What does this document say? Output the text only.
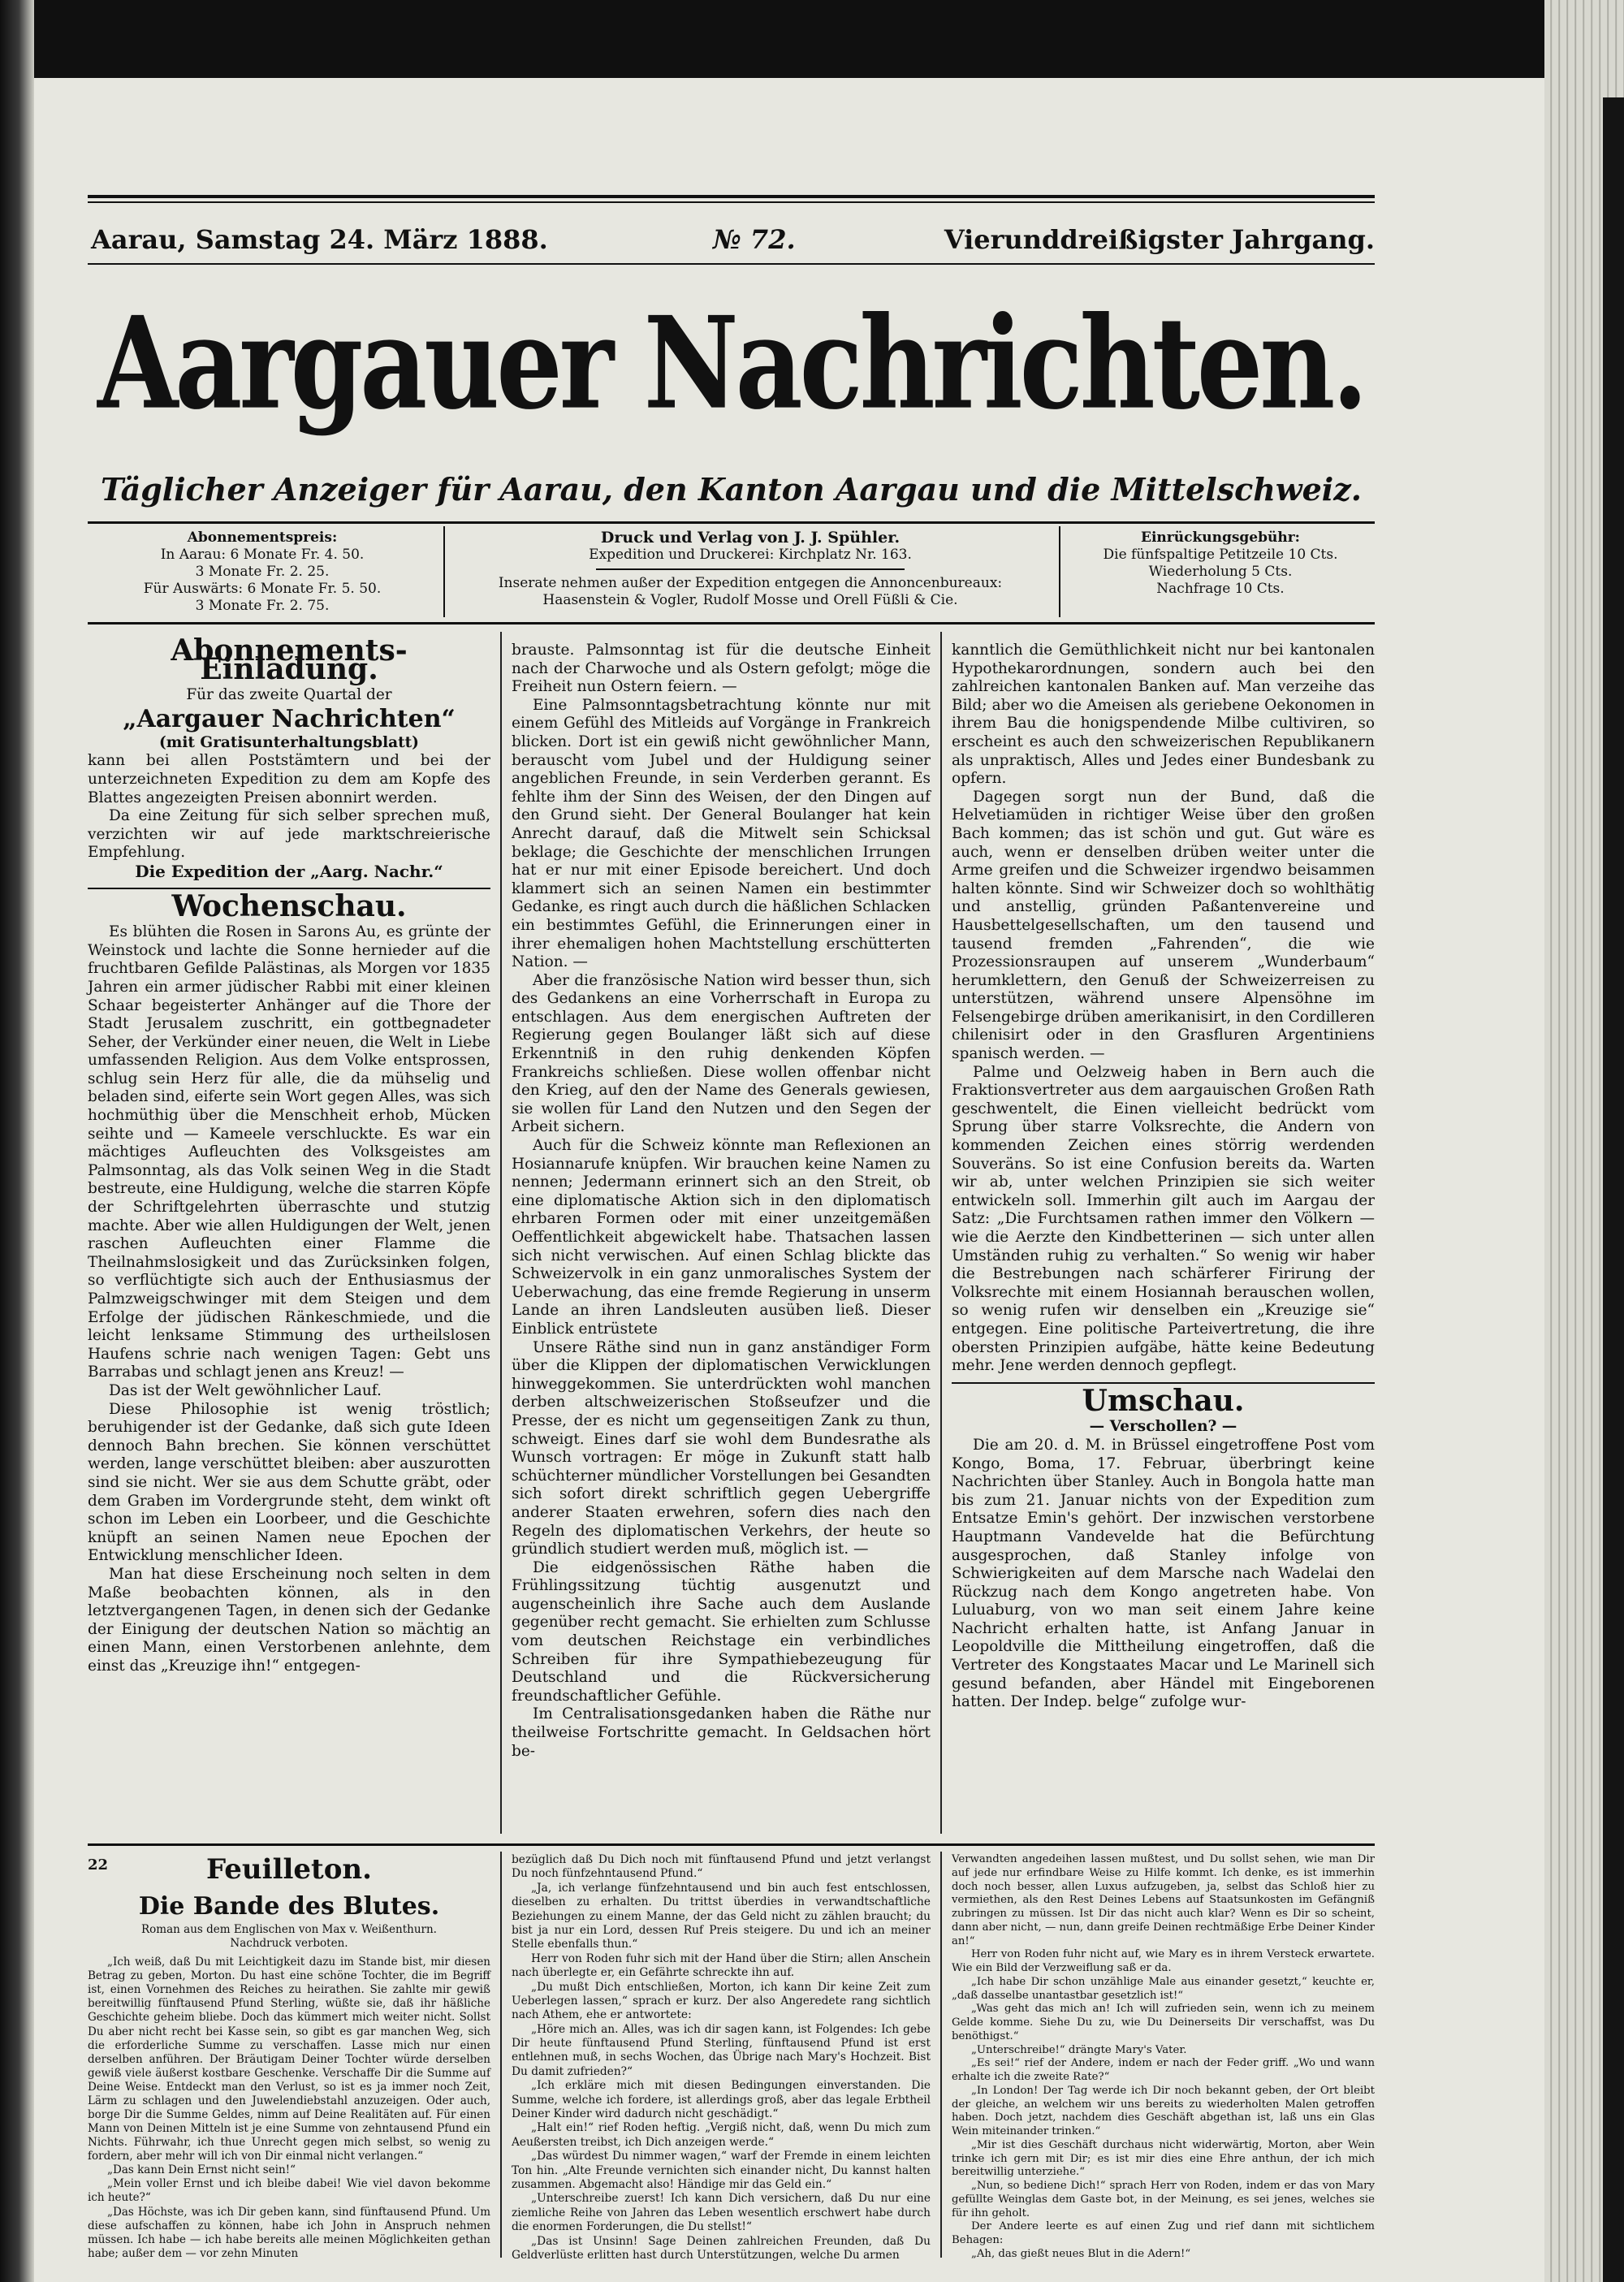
Aarau, Samstag 24. März 1888.	№ 72.	Vierunddreißigster Jahrgang.
Aargauer Nachrichten.
Täglicher Anzeiger für Aarau, den Kanton Aargau und die Mittelschweiz.
Abonnementspreis:
In Aarau: 6 Monate Fr. 4. 50.
3 Monate Fr. 2. 25.
Für Auswärts: 6 Monate Fr. 5. 50.
3 Monate Fr. 2. 75.
Druck und Verlag von J. J. Spühler.
Expedition und Druckerei: Kirchplatz Nr. 163.
Inserate nehmen außer der Expedition entgegen die Annoncenbureaux:
Haasenstein & Vogler, Rudolf Mosse und Orell Füßli & Cie.
Einrückungsgebühr:
Die fünfspaltige Petitzeile 10 Cts.
Wiederholung 5 Cts.
Nachfrage 10 Cts.
Abonnements-Einladung.

Für das zweite Quartal der

„Aargauer Nachrichten“
(mit Gratisunterhaltungsblatt)

kann bei allen Poststämtern und bei der unterzeichneten Expedition zu dem am Kopfe des Blattes angezeigten Preisen abonnirt werden.

Da eine Zeitung für sich selber sprechen muß, verzichten wir auf jede marktschreierische Empfehlung.

Die Expedition der „Aarg. Nachr.“
Wochenschau.

Es blühten die Rosen in Sarons Au, es grünte der Weinstock und lachte die Sonne hernieder auf die fruchtbaren Gefilde Palästinas, als Morgen vor 1835 Jahren ein armer jüdischer Rabbi mit einer kleinen Schaar begeisterter Anhänger auf die Thore der Stadt Jerusalem zuschritt, ein gottbegnadeter Seher, der Verkünder einer neuen, die Welt in Liebe umfassenden Religion. Aus dem Volke entsprossen, schlug sein Herz für alle, die da mühselig und beladen sind, eiferte sein Wort gegen Alles, was sich hochmüthig über die Menschheit erhob, Mücken seihte und — Kameele verschluckte. Es war ein mächtiges Aufleuchten des Volksgeistes am Palmsonntag, als das Volk seinen Weg in die Stadt bestreute, eine Huldigung, welche die starren Köpfe der Schriftgelehrten überraschte und stutzig machte. Aber wie allen Huldigungen der Welt, jenen raschen Aufleuchten einer Flamme die Theilnahmslosigkeit und das Zurücksinken folgen, so verflüchtigte sich auch der Enthusiasmus der Palmzweigschwinger mit dem Steigen und dem Erfolge der jüdischen Ränkeschmiede, und die leicht lenksame Stimmung des urtheilslosen Haufens schrie nach wenigen Tagen: Gebt uns Barrabas und schlagt jenen ans Kreuz! —

Das ist der Welt gewöhnlicher Lauf.

Diese Philosophie ist wenig tröstlich; beruhigender ist der Gedanke, daß sich gute Ideen dennoch Bahn brechen. Sie können verschüttet werden, lange verschüttet bleiben: aber auszurotten sind sie nicht. Wer sie aus dem Schutte gräbt, oder dem Graben im Vordergrunde steht, dem winkt oft schon im Leben ein Loorbeer, und die Geschichte knüpft an seinen Namen neue Epochen der Entwicklung menschlicher Ideen.

Man hat diese Erscheinung noch selten in dem Maße beobachten können, als in den letztvergangenen Tagen, in denen sich der Gedanke der Einigung der deutschen Nation so mächtig an einen Mann, einen Verstorbenen anlehnte, dem einst das „Kreuzige ihn!“ entgegen-

brauste. Palmsonntag ist für die deutsche Einheit nach der Charwoche und als Ostern gefolgt; möge die Freiheit nun Ostern feiern. —

Eine Palmsonntagsbetrachtung könnte nur mit einem Gefühl des Mitleids auf Vorgänge in Frankreich blicken. Dort ist ein gewiß nicht gewöhnlicher Mann, berauscht vom Jubel und der Huldigung seiner angeblichen Freunde, in sein Verderben gerannt. Es fehlte ihm der Sinn des Weisen, der den Dingen auf den Grund sieht. Der General Boulanger hat kein Anrecht darauf, daß die Mitwelt sein Schicksal beklage; die Geschichte der menschlichen Irrungen hat er nur mit einer Episode bereichert. Und doch klammert sich an seinen Namen ein bestimmter Gedanke, es ringt auch durch die häßlichen Schlacken ein bestimmtes Gefühl, die Erinnerungen einer in ihrer ehemaligen hohen Machtstellung erschütterten Nation. —

Aber die französische Nation wird besser thun, sich des Gedankens an eine Vorherrschaft in Europa zu entschlagen. Aus dem energischen Auftreten der Regierung gegen Boulanger läßt sich auf diese Erkenntniß in den ruhig denkenden Köpfen Frankreichs schließen. Diese wollen offenbar nicht den Krieg, auf den der Name des Generals gewiesen, sie wollen für Land den Nutzen und den Segen der Arbeit sichern.

Auch für die Schweiz könnte man Reflexionen an Hosiannarufe knüpfen. Wir brauchen keine Namen zu nennen; Jedermann erinnert sich an den Streit, ob eine diplomatische Aktion sich in den diplomatisch ehrbaren Formen oder mit einer unzeitgemäßen Oeffentlichkeit abgewickelt habe. Thatsachen lassen sich nicht verwischen. Auf einen Schlag blickte das Schweizervolk in ein ganz unmoralisches System der Ueberwachung, das eine fremde Regierung in unserm Lande an ihren Landsleuten ausüben ließ. Dieser Einblick entrüstete

Unsere Räthe sind nun in ganz anständiger Form über die Klippen der diplomatischen Verwicklungen hinweggekommen. Sie unterdrückten wohl manchen derben altschweizerischen Stoßseufzer und die Presse, der es nicht um gegenseitigen Zank zu thun, schweigt. Eines darf sie wohl dem Bundesrathe als Wunsch vortragen: Er möge in Zukunft statt halb schüchterner mündlicher Vorstellungen bei Gesandten sich sofort direkt schriftlich gegen Uebergriffe anderer Staaten erwehren, sofern dies nach den Regeln des diplomatischen Verkehrs, der heute so gründlich studiert werden muß, möglich ist. —

Die eidgenössischen Räthe haben die Frühlingssitzung tüchtig ausgenutzt und augenscheinlich ihre Sache auch dem Auslande gegenüber recht gemacht. Sie erhielten zum Schlusse vom deutschen Reichstage ein verbindliches Schreiben für ihre Sympathiebezeugung für Deutschland und die Rückversicherung freundschaftlicher Gefühle.

Im Centralisationsgedanken haben die Räthe nur theilweise Fortschritte gemacht. In Geldsachen hört be-

kanntlich die Gemüthlichkeit nicht nur bei kantonalen Hypothekarordnungen, sondern auch bei den zahlreichen kantonalen Banken auf. Man verzeihe das Bild; aber wo die Ameisen als geriebene Oekonomen in ihrem Bau die honigspendende Milbe cultiviren, so erscheint es auch den schweizerischen Republikanern als unpraktisch, Alles und Jedes einer Bundesbank zu opfern.

Dagegen sorgt nun der Bund, daß die Helvetiamüden in richtiger Weise über den großen Bach kommen; das ist schön und gut. Gut wäre es auch, wenn er denselben drüben weiter unter die Arme greifen und die Schweizer irgendwo beisammen halten könnte. Sind wir Schweizer doch so wohlthätig und anstellig, gründen Paßantenvereine und Hausbettelgesellschaften, um den tausend und tausend fremden „Fahrenden“, die wie Prozessionsraupen auf unserem „Wunderbaum“ herumklettern, den Genuß der Schweizerreisen zu unterstützen, während unsere Alpensöhne im Felsengebirge drüben amerikanisirt, in den Cordilleren chilenisirt oder in den Grasfluren Argentiniens spanisch werden. —

Palme und Oelzweig haben in Bern auch die Fraktionsvertreter aus dem aargauischen Großen Rath geschwentelt, die Einen vielleicht bedrückt vom Sprung über starre Volksrechte, die Andern von kommenden Zeichen eines störrig werdenden Souveräns. So ist eine Confusion bereits da. Warten wir ab, unter welchen Prinzipien sie sich weiter entwickeln soll. Immerhin gilt auch im Aargau der Satz: „Die Furchtsamen rathen immer den Völkern — wie die Aerzte den Kindbetterinen — sich unter allen Umständen ruhig zu verhalten.“ So wenig wir haber die Bestrebungen nach schärferer Firirung der Volksrechte mit einem Hosiannah berauschen wollen, so wenig rufen wir denselben ein „Kreuzige sie“ entgegen. Eine politische Parteivertretung, die ihre obersten Prinzipien aufgäbe, hätte keine Bedeutung mehr. Jene werden dennoch gepflegt.

Umschau.
— Verschollen? —

Die am 20. d. M. in Brüssel eingetroffene Post vom Kongo, Boma, 17. Februar, überbringt keine Nachrichten über Stanley. Auch in Bongola hatte man bis zum 21. Januar nichts von der Expedition zum Entsatze Emin's gehört. Der inzwischen verstorbene Hauptmann Vandevelde hat die Befürchtung ausgesprochen, daß Stanley infolge von Schwierigkeiten auf dem Marsche nach Wadelai den Rückzug nach dem Kongo angetreten habe. Von Luluaburg, von wo man seit einem Jahre keine Nachricht erhalten hatte, ist Anfang Januar in Leopoldville die Mittheilung eingetroffen, daß die Vertreter des Kongstaates Macar und Le Marinell sich gesund befanden, aber Händel mit Eingeborenen hatten. Der Indep. belge“ zufolge wur-

22	Feuilleton.
Die Bande des Blutes.
Roman aus dem Englischen von Max v. Weißenthurn.
Nachdruck verboten.

„Ich weiß, daß Du mit Leichtigkeit dazu im Stande bist, mir diesen Betrag zu geben, Morton. Du hast eine schöne Tochter, die im Begriff ist, einen Vornehmen des Reiches zu heirathen. Sie zahlte mir gewiß bereitwillig fünftausend Pfund Sterling, wüßte sie, daß ihr häßliche Geschichte geheim bliebe. Doch das kümmert mich weiter nicht. Sollst Du aber nicht recht bei Kasse sein, so gibt es gar manchen Weg, sich die erforderliche Summe zu verschaffen. Lasse mich nur einen derselben anführen. Der Bräutigam Deiner Tochter würde derselben gewiß viele äußerst kostbare Geschenke. Verschaffe Dir die Summe auf Deine Weise. Entdeckt man den Verlust, so ist es ja immer noch Zeit, Lärm zu schlagen und den Juwelendiebstahl anzuzeigen. Oder auch, borge Dir die Summe Geldes, nimm auf Deine Realitäten auf. Für einen Mann von Deinen Mitteln ist je eine Summe von zehntausend Pfund ein Nichts. Führwahr, ich thue Unrecht gegen mich selbst, so wenig zu fordern, aber mehr will ich von Dir einmal nicht verlangen.“

„Das kann Dein Ernst nicht sein!“

„Mein voller Ernst und ich bleibe dabei! Wie viel davon bekomme ich heute?“

„Das Höchste, was ich Dir geben kann, sind fünftausend Pfund. Um diese aufschaffen zu können, habe ich John in Anspruch nehmen müssen. Ich habe — ich habe bereits alle meinen Möglichkeiten gethan habe; außer dem — vor zehn Minuten

bezüglich daß Du Dich noch mit fünftausend Pfund und jetzt verlangst Du noch fünfzehntausend Pfund.“

„Ja, ich verlange fünfzehntausend und bin auch fest entschlossen, dieselben zu erhalten. Du trittst überdies in verwandtschaftliche Beziehungen zu einem Manne, der das Geld nicht zu zählen braucht; du bist ja nur ein Lord, dessen Ruf Preis steigere. Du und ich an meiner Stelle ebenfalls thun.“

Herr von Roden fuhr sich mit der Hand über die Stirn; allen Anschein nach überlegte er, ein Gefährte schreckte ihn auf.

„Du mußt Dich entschließen, Morton, ich kann Dir keine Zeit zum Ueberlegen lassen,“ sprach er kurz. Der also Angeredete rang sichtlich nach Athem, ehe er antwortete:

„Höre mich an. Alles, was ich dir sagen kann, ist Folgendes: Ich gebe Dir heute fünftausend Pfund Sterling, fünftausend Pfund ist erst entlehnen muß, in sechs Wochen, das Übrige nach Mary's Hochzeit. Bist Du damit zufrieden?“

„Ich erkläre mich mit diesen Bedingungen einverstanden. Die Summe, welche ich fordere, ist allerdings groß, aber das legale Erbtheil Deiner Kinder wird dadurch nicht geschädigt.“

„Halt ein!“ rief Roden heftig. „Vergiß nicht, daß, wenn Du mich zum Aeußersten treibst, ich Dich anzeigen werde.“

„Das würdest Du nimmer wagen,“ warf der Fremde in einem leichten Ton hin. „Alte Freunde vernichten sich einander nicht, Du kannst halten zusammen. Abgemacht also! Händige mir das Geld ein.“

„Unterschreibe zuerst! Ich kann Dich versichern, daß Du nur eine ziemliche Reihe von Jahren das Leben wesentlich erschwert habe durch die enormen Forderungen, die Du stellst!“

„Das ist Unsinn! Sage Deinen zahlreichen Freunden, daß Du Geldverlüste erlitten hast durch Unterstützungen, welche Du armen

Verwandten angedeihen lassen mußtest, und Du sollst sehen, wie man Dir auf jede nur erfindbare Weise zu Hilfe kommt. Ich denke, es ist immerhin doch noch besser, allen Luxus aufzugeben, ja, selbst das Schloß hier zu vermiethen, als den Rest Deines Lebens auf Staatsunkosten im Gefängniß zubringen zu müssen. Ist Dir das nicht auch klar? Wenn es Dir so scheint, dann aber nicht, — nun, dann greife Deinen rechtmäßige Erbe Deiner Kinder an!“

Herr von Roden fuhr nicht auf, wie Mary es in ihrem Versteck erwartete. Wie ein Bild der Verzweiflung saß er da.

„Ich habe Dir schon unzählige Male aus einander gesetzt,“ keuchte er, „daß dasselbe unantastbar gesetzlich ist!“

„Was geht das mich an! Ich will zufrieden sein, wenn ich zu meinem Gelde komme. Siehe Du zu, wie Du Deinerseits Dir verschaffst, was Du benöthigst.“

„Unterschreibe!“ drängte Mary's Vater.

„Es sei!“ rief der Andere, indem er nach der Feder griff. „Wo und wann erhalte ich die zweite Rate?“

„In London! Der Tag werde ich Dir noch bekannt geben, der Ort bleibt der gleiche, an welchem wir uns bereits zu wiederholten Malen getroffen haben. Doch jetzt, nachdem dies Geschäft abgethan ist, laß uns ein Glas Wein miteinander trinken.“

„Mir ist dies Geschäft durchaus nicht widerwärtig, Morton, aber Wein trinke ich gern mit Dir; es ist mir dies eine Ehre anthun, der ich mich bereitwillig unterziehe.“

„Nun, so bediene Dich!“ sprach Herr von Roden, indem er das von Mary gefüllte Weinglas dem Gaste bot, in der Meinung, es sei jenes, welches sie für ihn geholt.

Der Andere leerte es auf einen Zug und rief dann mit sichtlichem Behagen:

„Ah, das gießt neues Blut in die Adern!“
